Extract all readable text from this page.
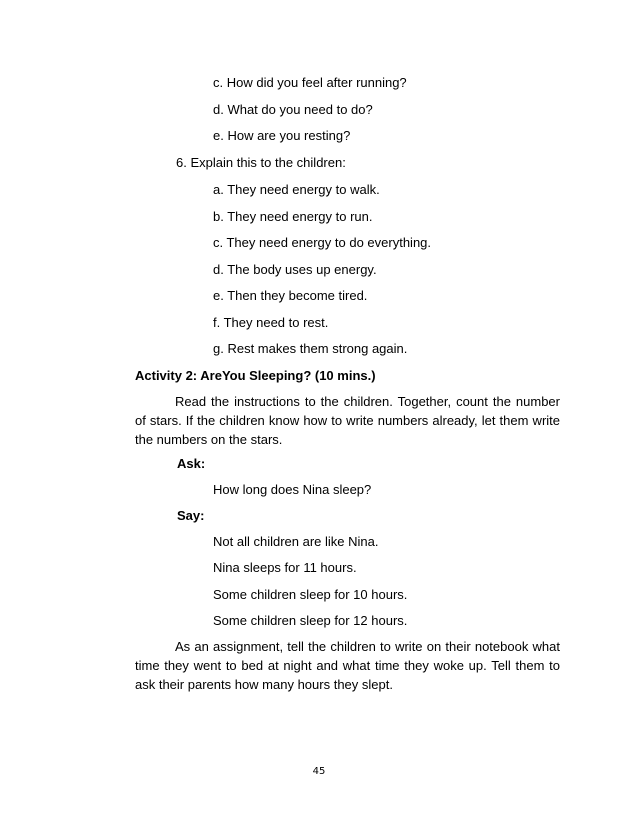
c. How did you feel after running?
d. What do you need to do?
e. How are you resting?
6. Explain this to the children:
a. They need energy to walk.
b. They need energy to run.
c. They need energy to do everything.
d. The body uses up energy.
e. Then they become tired.
f. They need to rest.
g. Rest makes them strong again.
Activity 2: AreYou Sleeping? (10 mins.)

Read the instructions to the children. Together, count the number of stars. If the children know how to write numbers already, let them write the numbers on the stars.

Ask:
How long does Nina sleep?
Say:
Not all children are like Nina.
Nina sleeps for 11 hours.
Some children sleep for 10 hours.
Some children sleep for 12 hours.

As an assignment, tell the children to write on their notebook what time they went to bed at night and what time they woke up. Tell them to ask their parents how many hours they slept.

45
